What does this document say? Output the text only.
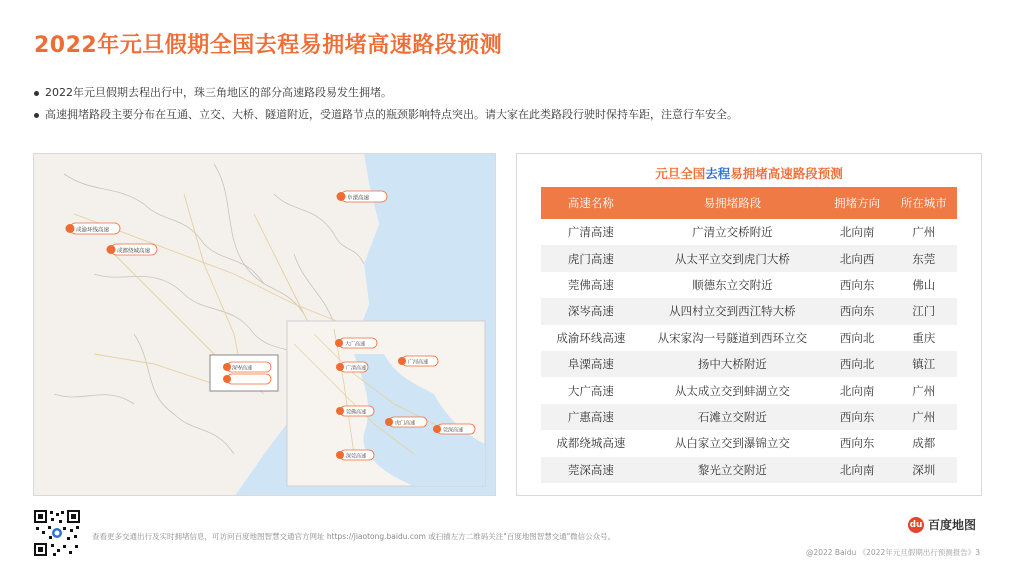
2022年元旦假期全国去程易拥堵高速路段预测
2022年元旦假期去程出行中，珠三角地区的部分高速路段易发生拥堵。
高速拥堵路段主要分布在互通、立交、大桥、隧道附近，受道路节点的瓶颈影响特点突出。请大家在此类路段行驶时保持车距，注意行车安全。
阜溧高速
成渝环线高速
成都绕城高速
深岑高速
大广高速
广河高速
广清高速
莞佛高速
虎门高速
莞深高速
深莞高速
元旦全国去程易拥堵高速路段预测
高速名称	易拥堵路段	拥堵方向	所在城市
广清高速	广清立交桥附近	北向南	广州
虎门高速	从太平立交到虎门大桥	北向西	东莞
莞佛高速	顺德东立交附近	西向东	佛山
深岑高速	从四村立交到西江特大桥	西向东	江门
成渝环线高速	从宋家沟一号隧道到西环立交	西向北	重庆
阜溧高速	扬中大桥附近	西向北	镇江
大广高速	从太成立交到蚌湖立交	北向南	广州
广惠高速	石滩立交附近	西向东	广州
成都绕城高速	从白家立交到瀑锦立交	西向东	成都
莞深高速	黎光立交附近	北向南	深圳
查看更多交通出行及实时拥堵信息，可访问百度地图智慧交通官方网址 https://jiaotong.baidu.com 或扫描左方二维码关注"百度地图智慧交通"微信公众号。
du 百度地图
@2022 Baidu 《2022年元旦假期出行预测报告》3
